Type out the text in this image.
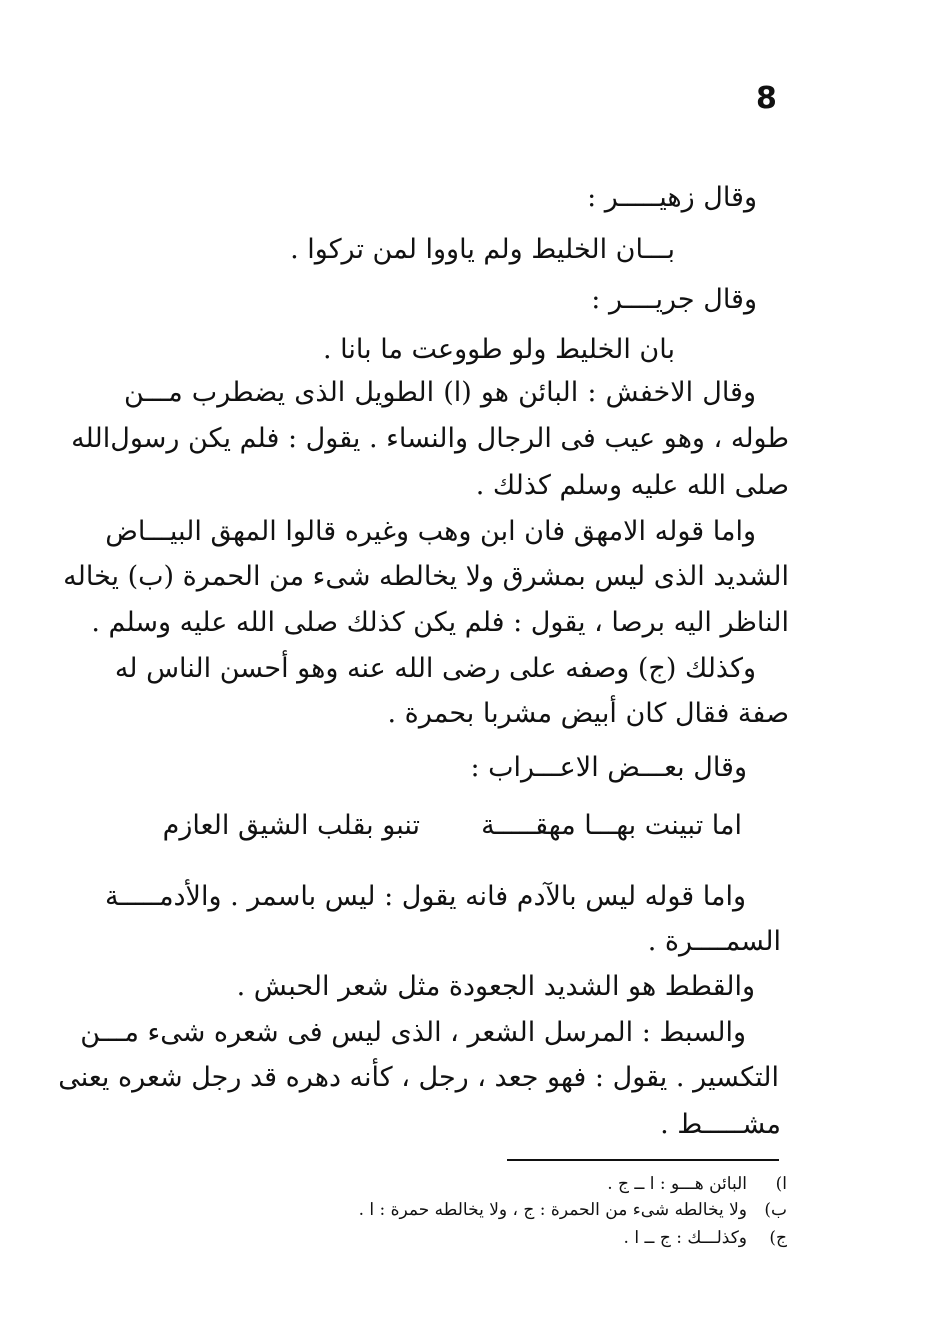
8
وقال زهيـــــر :
بـــان الخليط ولم ياووا لمن تركوا .
وقال جريــــر :
بان الخليط ولو طووعت ما بانا .
وقال الاخفش : البائن هو (ا) الطويل الذى يضطرب مـــن
طوله ، وهو عيب فى الرجال والنساء . يقول : فلم يكن رسول‌الله
صلى الله عليه وسلم كذلك .
واما قوله الامهق فان ابن وهب وغيره قالوا المهق البيـــاض
الشديد الذى ليس بمشرق ولا يخالطه شىء من الحمرة (ب) يخاله
الناظر اليه برصا ، يقول : فلم يكن كذلك صلى الله عليه وسلم .
وكذلك (ج) وصفه على رضى الله عنه وهو أحسن الناس له
صفة فقال كان أبيض مشربا بحمرة .
وقال بعـــض الاعـــراب :
اما تبينت بهـــا مهقـــــة
تنبو بقلب الشيق العازم
واما قوله ليس بالآدم فانه يقول : ليس باسمر . والأدمـــــة
السمــــرة .
والقطط هو الشديد الجعودة مثل شعر الحبش .
والسبط : المرسل الشعر ، الذى ليس فى شعره شىء مـــن
التكسير . يقول : فهو جعد ، رجل ، كأنه دهره قد رجل شعره يعنى
مشـــــط .
ا)البائن هـــو : ا ــ ج .
ب)ولا يخالطه شىء من الحمرة : ج ، ولا يخالطه حمرة : ا .
ج)وكذلـــك : ج ــ ا .
